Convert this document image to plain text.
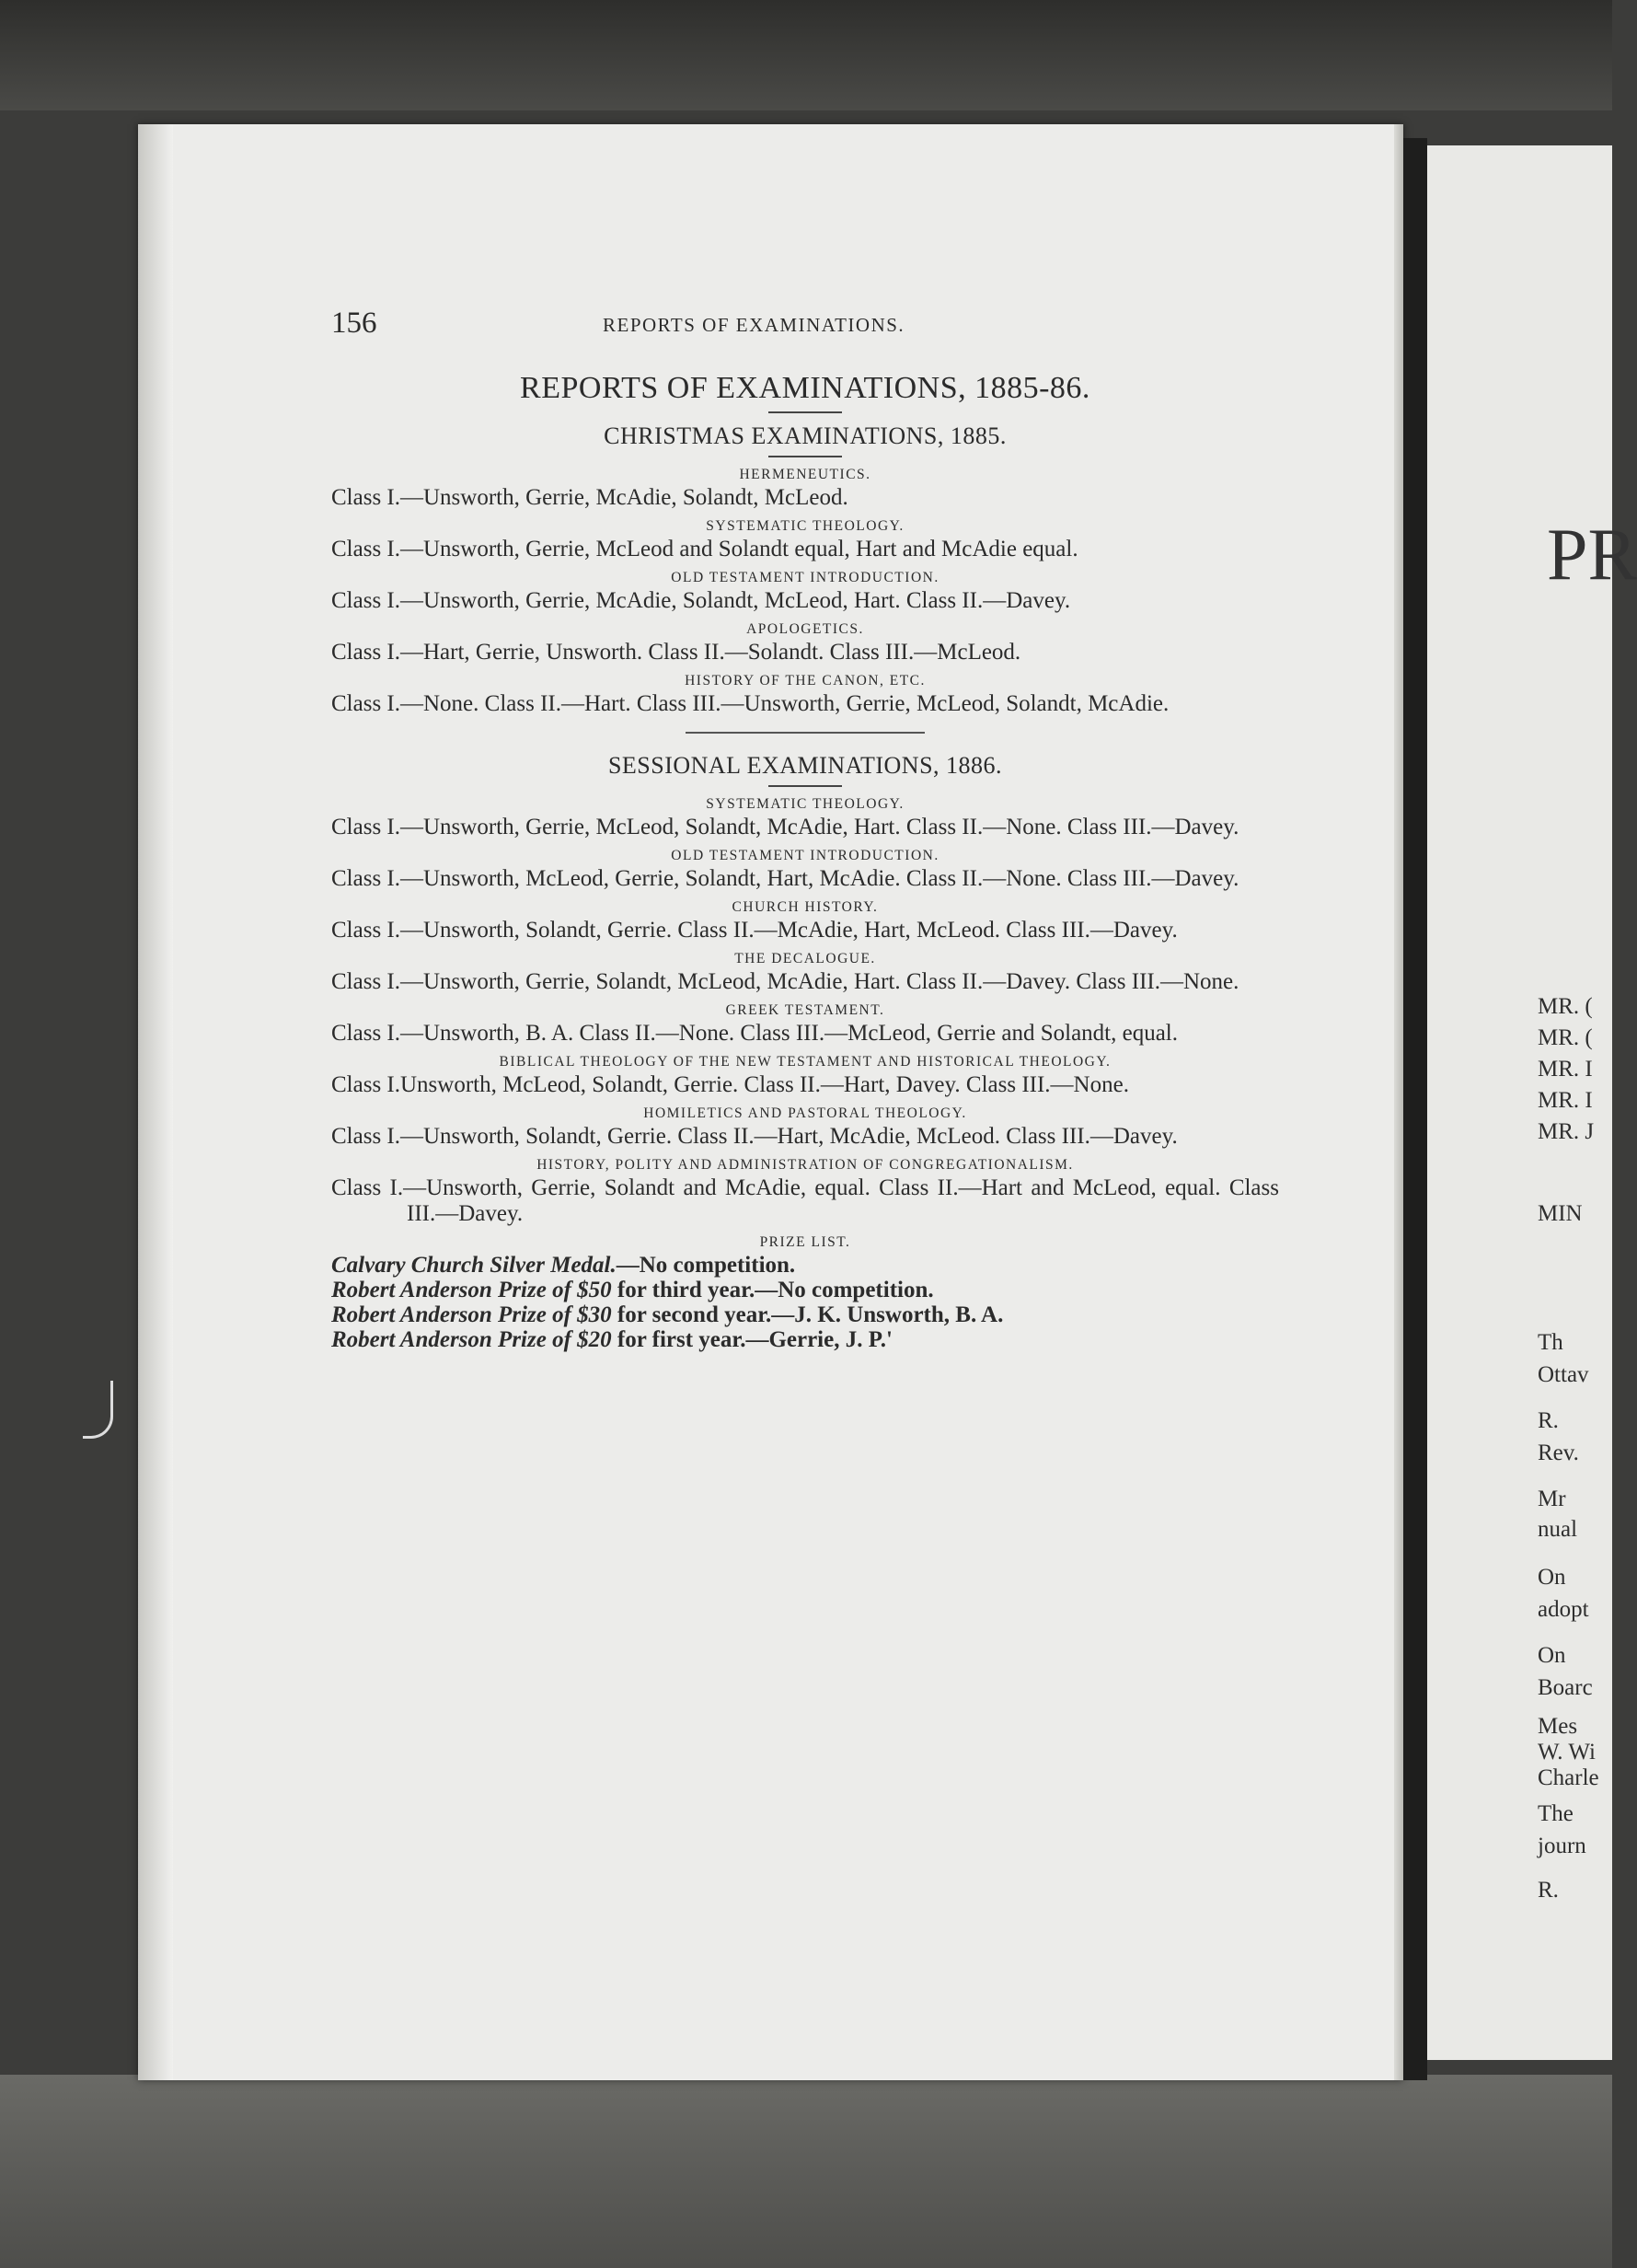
156	REPORTS OF EXAMINATIONS.
REPORTS OF EXAMINATIONS, 1885-86.
CHRISTMAS EXAMINATIONS, 1885.
HERMENEUTICS.
Class I.—Unsworth, Gerrie, McAdie, Solandt, McLeod.
SYSTEMATIC THEOLOGY.
Class I.—Unsworth, Gerrie, McLeod and Solandt equal, Hart and McAdie equal.
OLD TESTAMENT INTRODUCTION.
Class I.—Unsworth, Gerrie, McAdie, Solandt, McLeod, Hart. Class II.—Davey.
APOLOGETICS.
Class I.—Hart, Gerrie, Unsworth. Class II.—Solandt. Class III.—McLeod.
HISTORY OF THE CANON, ETC.
Class I.—None. Class II.—Hart. Class III.—Unsworth, Gerrie, McLeod, Solandt, McAdie.
SESSIONAL EXAMINATIONS, 1886.
SYSTEMATIC THEOLOGY.
Class I.—Unsworth, Gerrie, McLeod, Solandt, McAdie, Hart. Class II.—None. Class III.—Davey.
OLD TESTAMENT INTRODUCTION.
Class I.—Unsworth, McLeod, Gerrie, Solandt, Hart, McAdie. Class II.—None. Class III.—Davey.
CHURCH HISTORY.
Class I.—Unsworth, Solandt, Gerrie. Class II.—McAdie, Hart, McLeod. Class III.—Davey.
THE DECALOGUE.
Class I.—Unsworth, Gerrie, Solandt, McLeod, McAdie, Hart. Class II.—Davey. Class III.—None.
GREEK TESTAMENT.
Class I.—Unsworth, B. A. Class II.—None. Class III.—McLeod, Gerrie and Solandt, equal.
BIBLICAL THEOLOGY OF THE NEW TESTAMENT AND HISTORICAL THEOLOGY.
Class I.Unsworth, McLeod, Solandt, Gerrie. Class II.—Hart, Davey. Class III.—None.
HOMILETICS AND PASTORAL THEOLOGY.
Class I.—Unsworth, Solandt, Gerrie. Class II.—Hart, McAdie, McLeod. Class III.—Davey.
HISTORY, POLITY AND ADMINISTRATION OF CONGREGATIONALISM.
Class I.—Unsworth, Gerrie, Solandt and McAdie, equal. Class II.—Hart and McLeod, equal. Class III.—Davey.
PRIZE LIST.
Calvary Church Silver Medal.—No competition.
Robert Anderson Prize of $50 for third year.—No competition.
Robert Anderson Prize of $30 for second year.—J. K. Unsworth, B. A.
Robert Anderson Prize of $20 for first year.—Gerrie, J. P.'
PR
MR. (
MR. (
MR. I
MR. I
MR. J
MIN
Th
Ottav
R.
Rev.
Mr
nual
On
adopt
On
Boarc
Mes
W. Wi
Charle
The
journ
R.
